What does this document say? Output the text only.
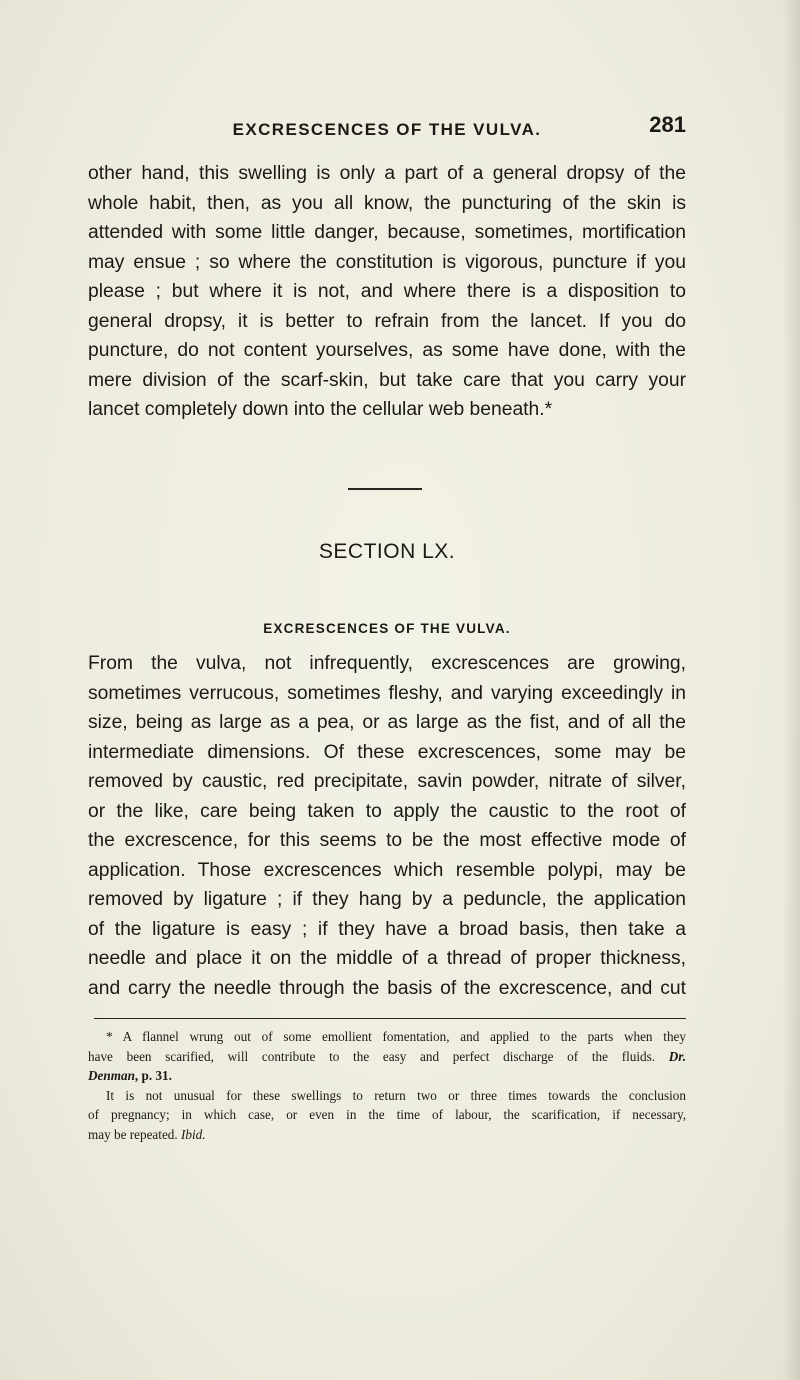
EXCRESCENCES OF THE VULVA.	281
other hand, this swelling is only a part of a general dropsy of the
whole habit, then, as you all know, the puncturing of the skin is
attended with some little danger, because, sometimes, mortification
may ensue ; so where the constitution is vigorous, puncture if you
please ; but where it is not, and where there is a disposition to
general dropsy, it is better to refrain from the lancet. If you do
puncture, do not content yourselves, as some have done, with the
mere division of the scarf-skin, but take care that you carry your
lancet completely down into the cellular web beneath.*
SECTION LX.
EXCRESCENCES OF THE VULVA.
From the vulva, not infrequently, excrescences are growing,
sometimes verrucous, sometimes fleshy, and varying exceedingly in
size, being as large as a pea, or as large as the fist, and of all the
intermediate dimensions. Of these excrescences, some may be
removed by caustic, red precipitate, savin powder, nitrate of silver,
or the like, care being taken to apply the caustic to the root of
the excrescence, for this seems to be the most effective mode of
application. Those excrescences which resemble polypi, may be
removed by ligature ; if they hang by a peduncle, the application
of the ligature is easy ; if they have a broad basis, then take a
needle and place it on the middle of a thread of proper thickness,
and carry the needle through the basis of the excrescence, and cut
* A flannel wrung out of some emollient fomentation, and applied to the parts when they
have been scarified, will contribute to the easy and perfect discharge of the fluids. Dr.
Denman, p. 31.
It is not unusual for these swellings to return two or three times towards the conclusion
of pregnancy; in which case, or even in the time of labour, the scarification, if necessary,
may be repeated. Ibid.
